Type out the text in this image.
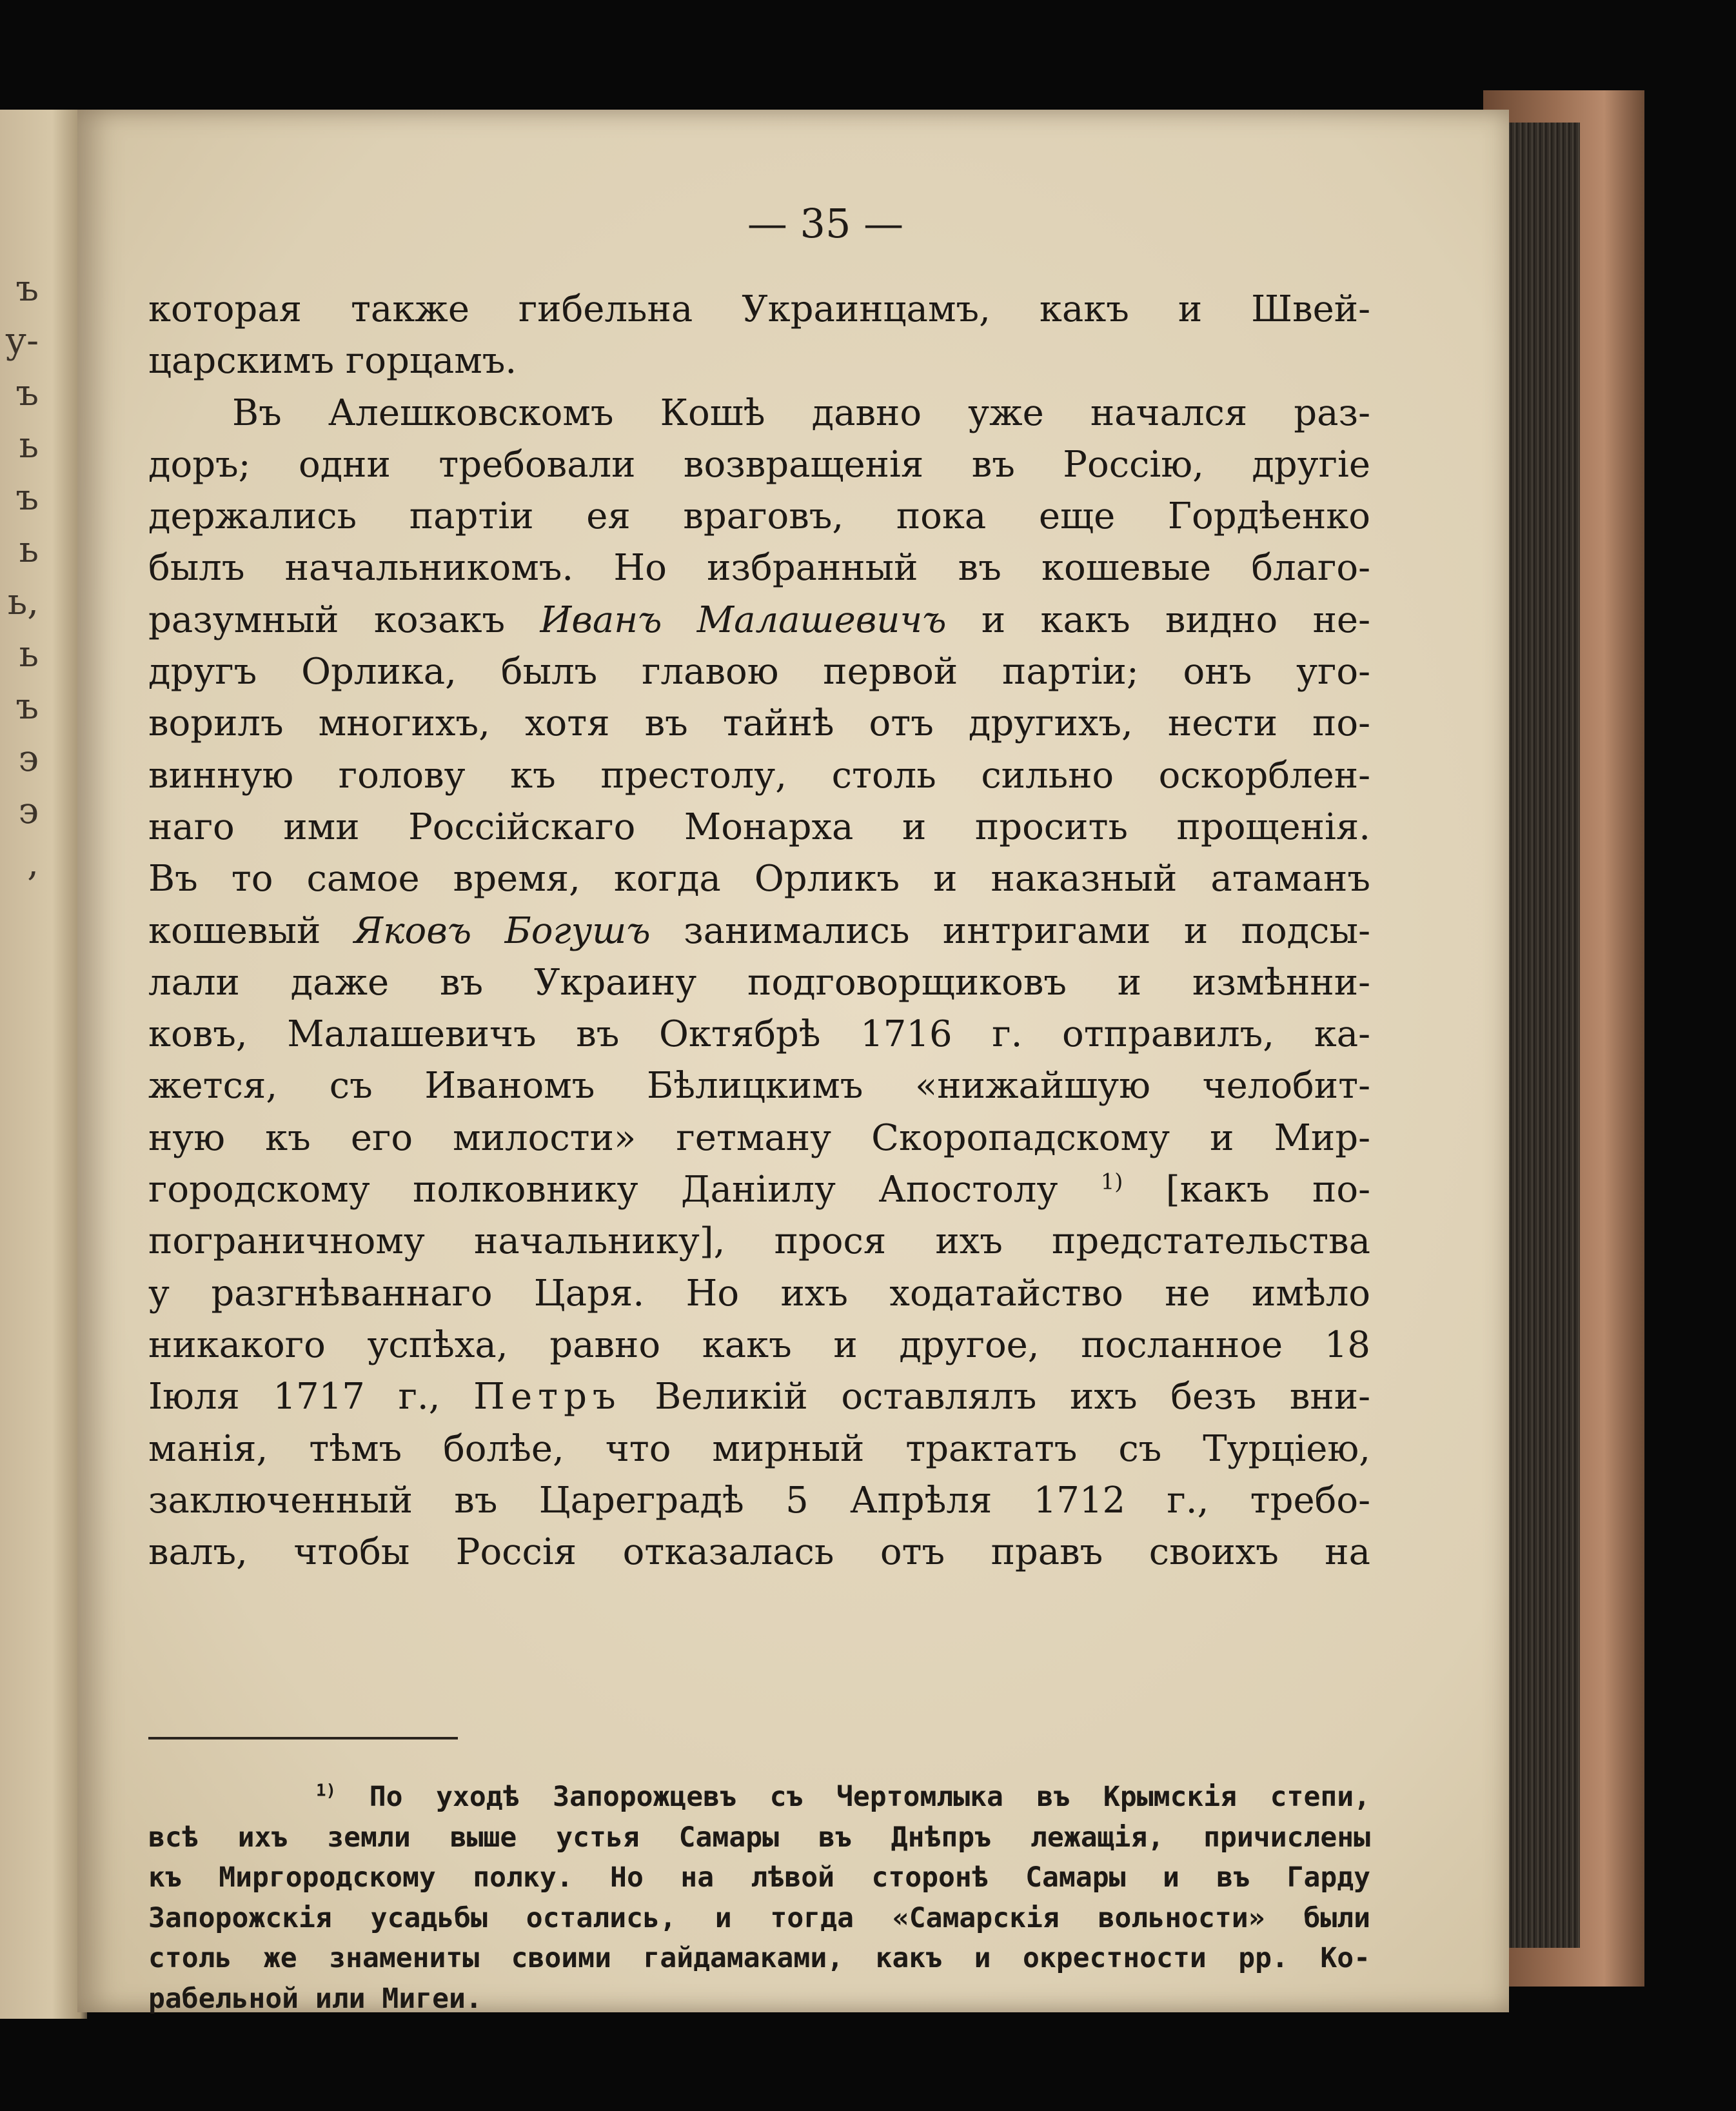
ъ
у-
ъ
ь
ъ
ь
ь,
ь
ъ
э
э
,
— 35 —
которая также гибельна Украинцамъ, какъ и Швей-
царскимъ горцамъ.
Въ Алешковскомъ Кошѣ давно уже начался раз-
доръ; одни требовали возвращенія въ Россію, другіе
держались партіи ея враговъ, пока еще Гордѣенко
былъ начальникомъ. Но избранный въ кошевые благо-
разумный козакъ Иванъ Малашевичъ и какъ видно не-
другъ Орлика, былъ главою первой партіи; онъ уго-
ворилъ многихъ, хотя въ тайнѣ отъ другихъ, нести по-
винную голову къ престолу, столь сильно оскорблен-
наго ими Россійскаго Монарха и просить прощенія.
Въ то самое время, когда Орликъ и наказный атаманъ
кошевый Яковъ Богушъ занимались интригами и подсы-
лали даже въ Украину подговорщиковъ и измѣнни-
ковъ, Малашевичъ въ Октябрѣ 1716 г. отправилъ, ка-
жется, съ Иваномъ Бѣлицкимъ «нижайшую челобит-
ную къ его милости» гетману Скоропадскому и Мир-
городскому полковнику Даніилу Апостолу $^{1)}$ [какъ по-
пограничному начальнику], прося ихъ предстательства
у разгнѣваннаго Царя. Но ихъ ходатайство не имѣло
никакого успѣха, равно какъ и другое, посланное 18
Іюля 1717 г., Петръ Великій оставлялъ ихъ безъ вни-
манія, тѣмъ болѣе, что мирный трактатъ съ Турціею,
заключенный въ Цареградѣ 5 Апрѣля 1712 г., требо-
валъ, чтобы Россія отказалась отъ правъ своихъ на
$^{1)}$ По уходѣ Запорожцевъ съ Чертомлыка въ Крымскія степи,
всѣ ихъ земли выше устья Самары въ Днѣпръ лежащія, причислены
къ Миргородскому полку. Но на лѣвой сторонѣ Самары и въ Гарду
Запорожскія усадьбы остались, и тогда «Самарскія вольности» были
столь же знамениты своими гайдамаками, какъ и окрестности рр. Ко-
рабельной или Мигеи.
